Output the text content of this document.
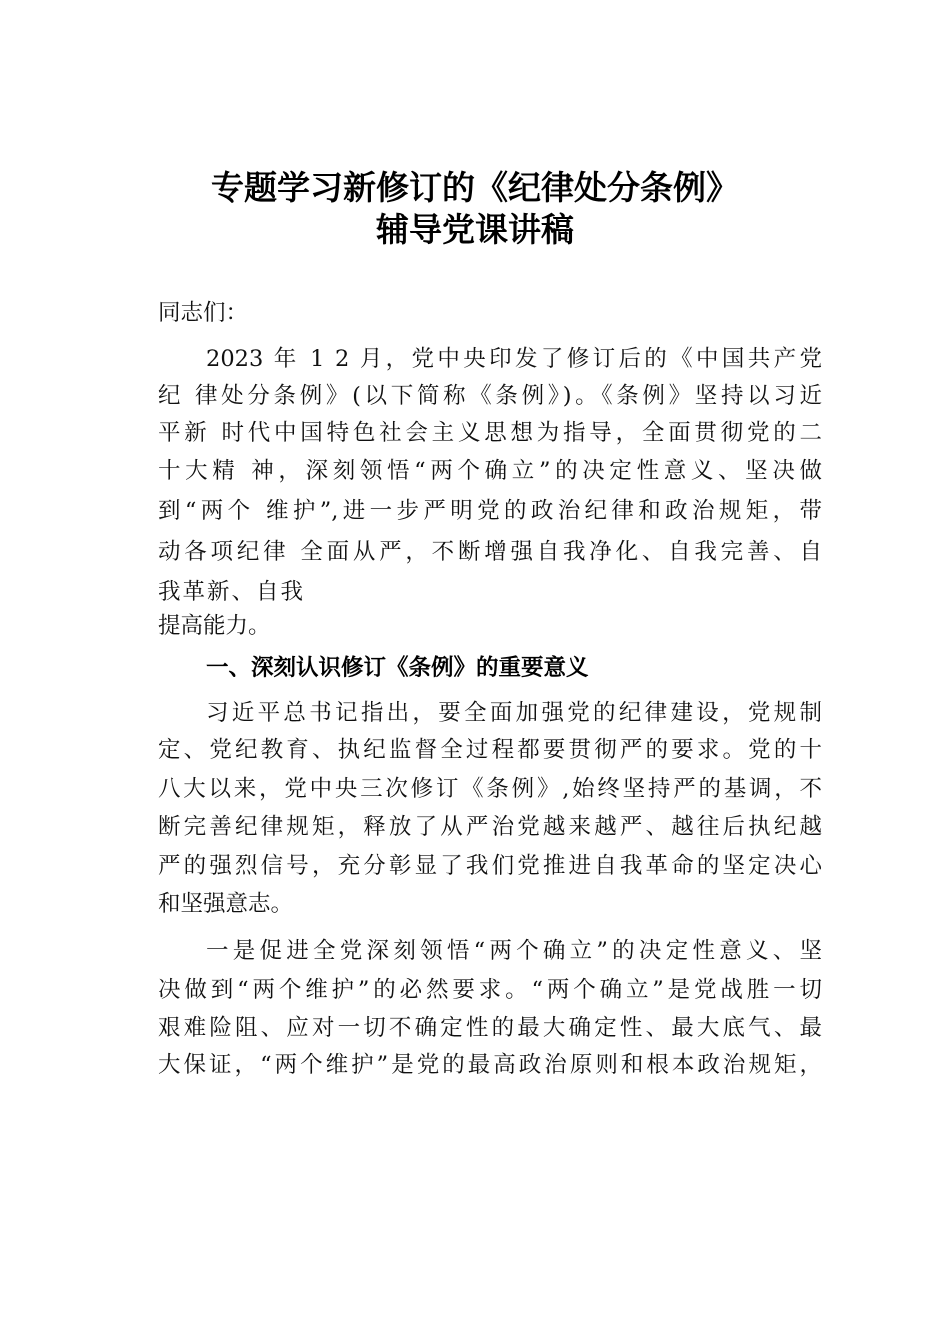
专题学习新修订的《纪律处分条例》
辅导党课讲稿
同志们：
2023 年 1 2 月，党中央印发了修订后的《中国共产党
纪 律处分条例》(以下简称《条例》)。《条例》坚持以习近
平新 时代中国特色社会主义思想为指导，全面贯彻党的二
十大精 神，深刻领悟“两个确立”的决定性意义、坚决做
到“两个 维护”,进一步严明党的政治纪律和政治规矩，带
动各项纪律 全面从严，不断增强自我净化、自我完善、自
我革新、自我
提高能力。
一、深刻认识修订《条例》的重要意义
习近平总书记指出，要全面加强党的纪律建设，党规制
定、党纪教育、执纪监督全过程都要贯彻严的要求。党的十
八大以来，党中央三次修订《条例》,始终坚持严的基调，不
断完善纪律规矩，释放了从严治党越来越严、越往后执纪越
严的强烈信号，充分彰显了我们党推进自我革命的坚定决心
和坚强意志。
一是促进全党深刻领悟“两个确立”的决定性意义、坚
决做到“两个维护”的必然要求。“两个确立”是党战胜一切
艰难险阻、应对一切不确定性的最大确定性、最大底气、最
大保证，“两个维护”是党的最高政治原则和根本政治规矩，
